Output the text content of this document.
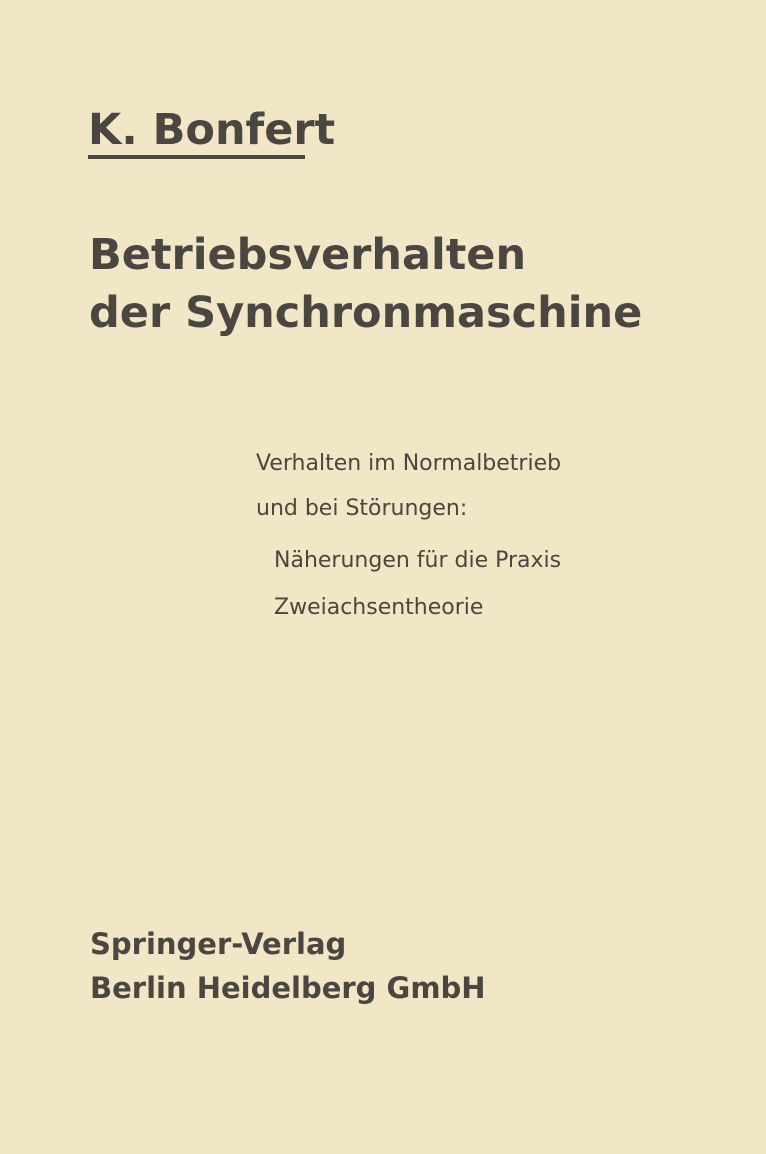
K. Bonfert
Betriebsverhalten
der Synchronmaschine

Verhalten im Normalbetrieb

und bei Störungen:

Näherungen für die Praxis

Zweiachsentheorie

Springer-Verlag
Berlin Heidelberg GmbH
